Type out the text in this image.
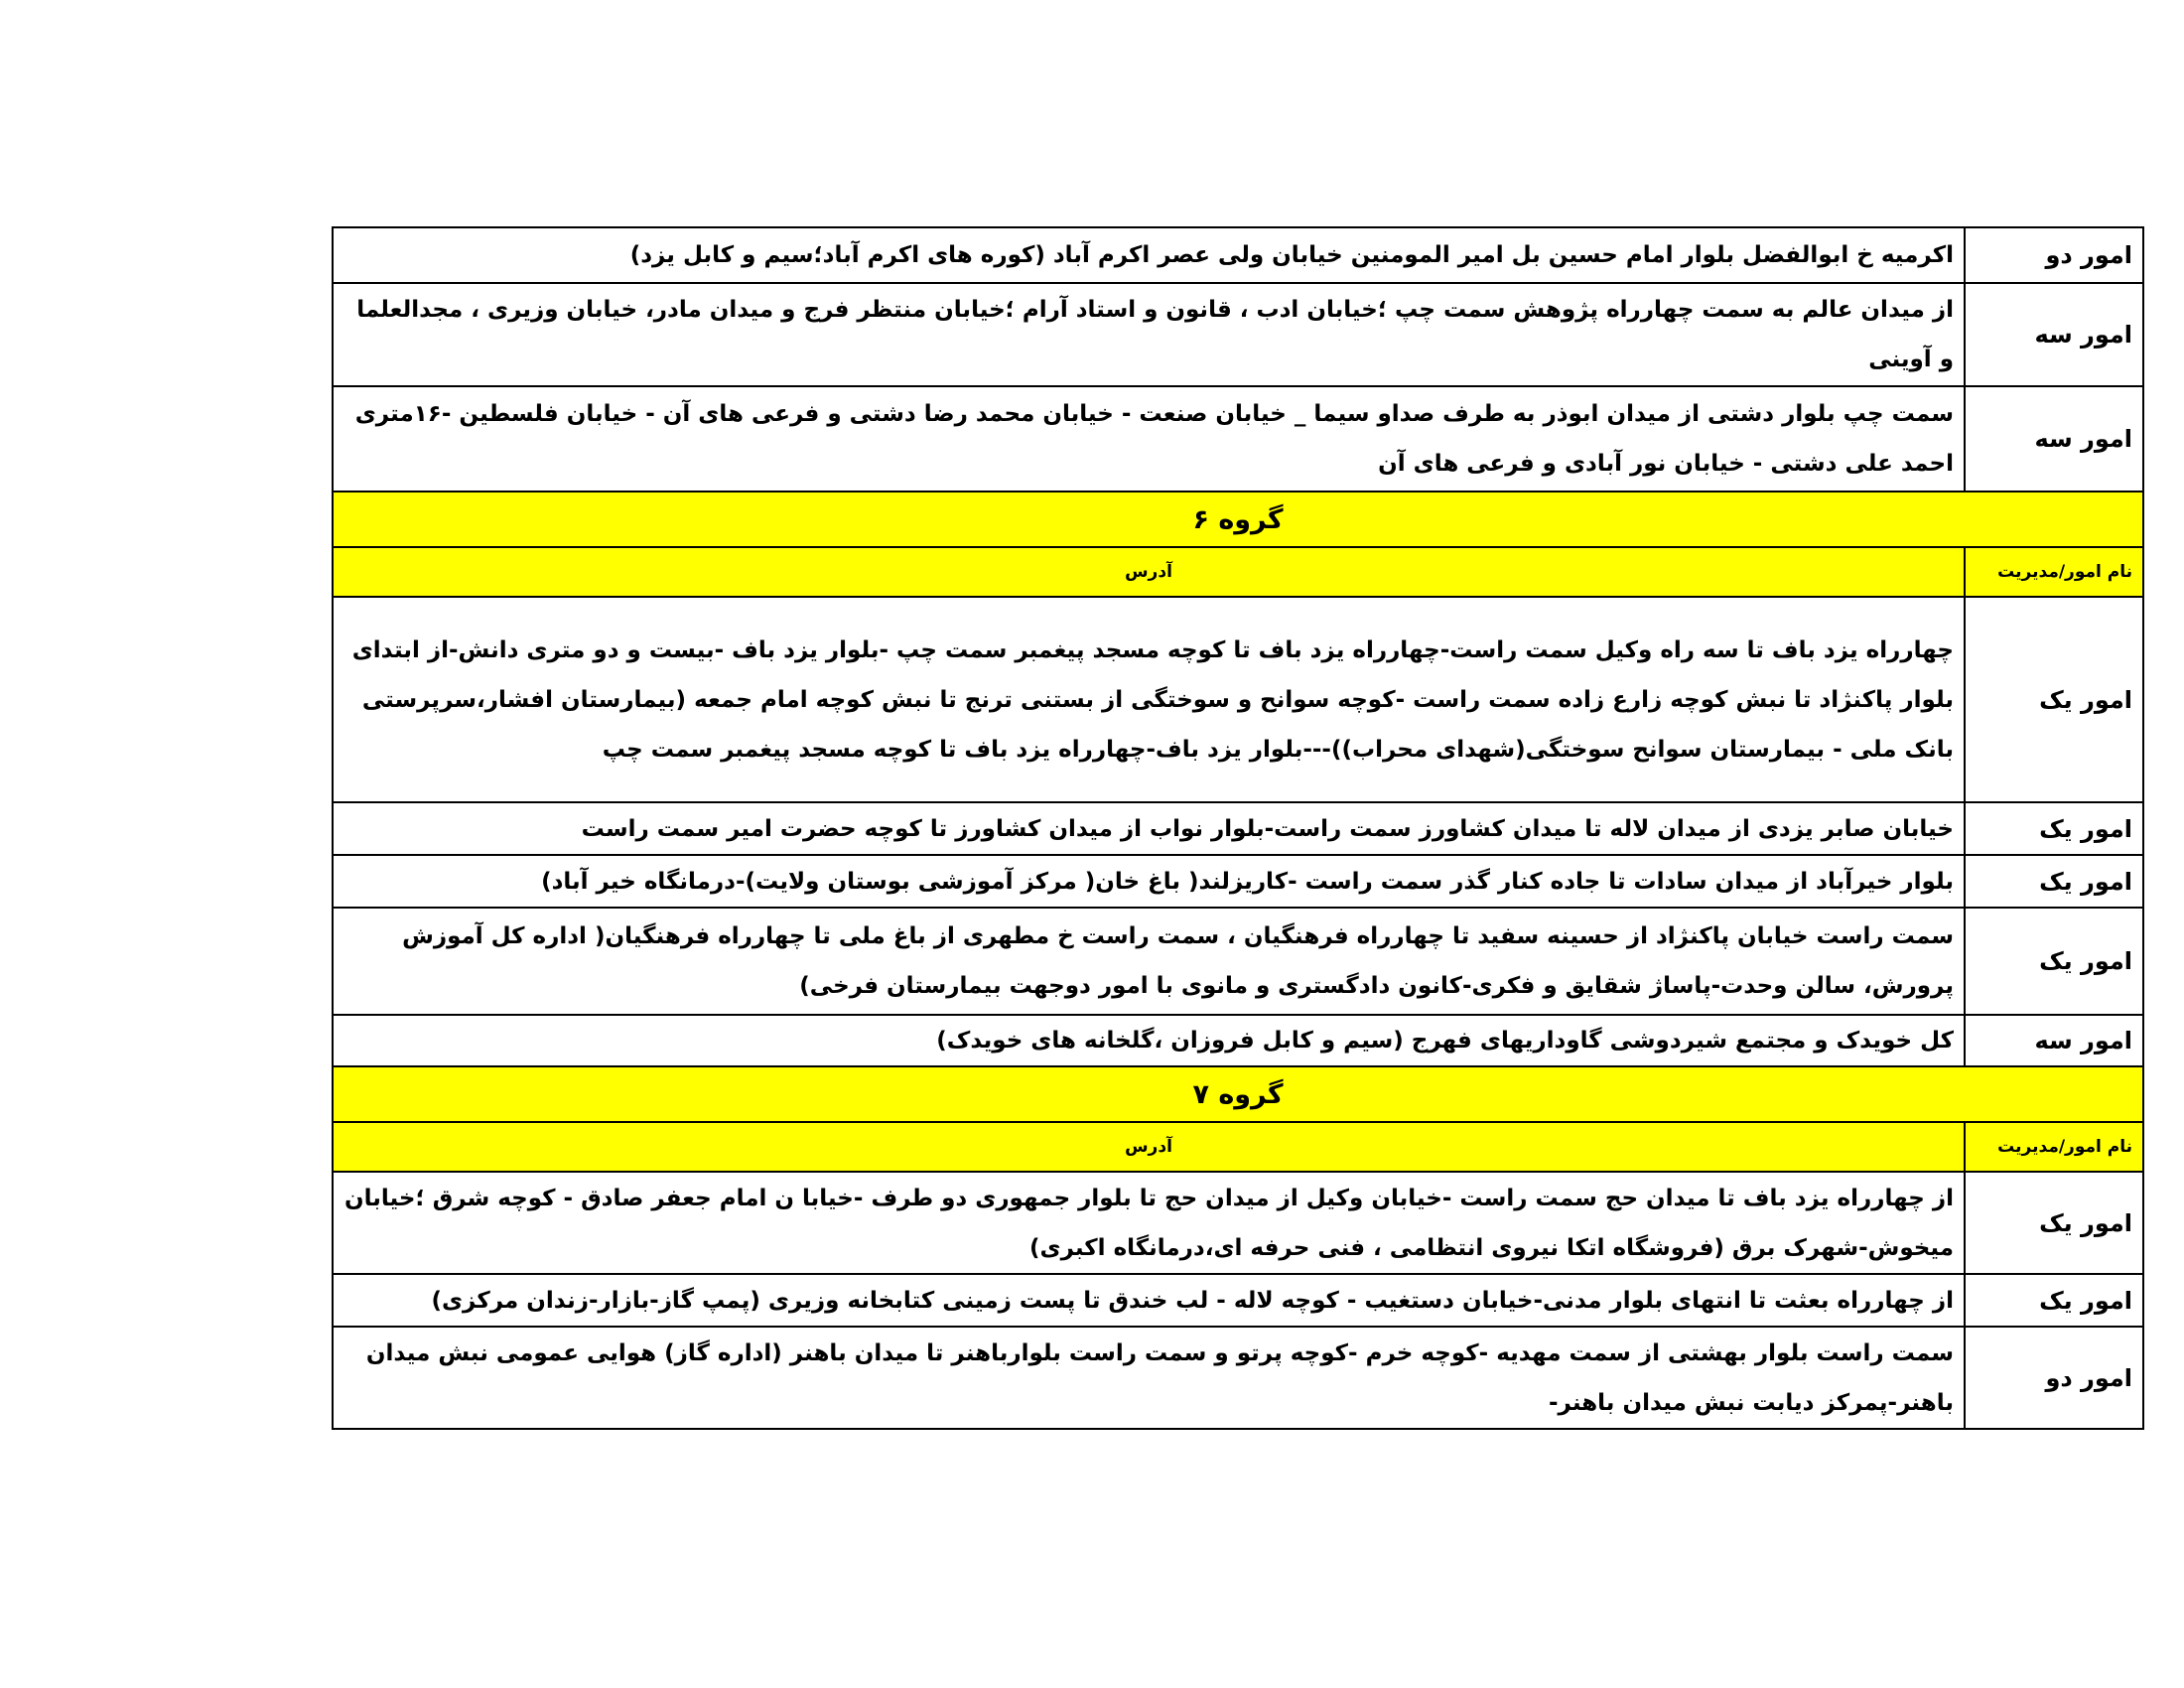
امور دو	اکرمیه خ ابوالفضل بلوار امام حسین بل امیر المومنین خیابان ولی عصر اکرم آباد (کوره های اکرم آباد؛سیم و کابل یزد)
امور سه	از میدان عالم به سمت چهارراه پژوهش سمت چپ ؛خیابان ادب ، قانون و استاد آرام ؛خیابان منتظر فرج و میدان مادر، خیابان وزیری ، مجدالعلما و آوینی
امور سه	سمت چپ بلوار دشتی از میدان ابوذر به طرف صداو سیما _ خیابان صنعت - خیابان محمد رضا دشتی و فرعی های آن - خیابان فلسطین -۱۶متری احمد علی دشتی - خیابان نور آبادی و فرعی های آن
گروه ۶	
نام امور/مدیریت	آدرس
امور یک	چهارراه یزد باف تا سه راه وکیل سمت راست-چهارراه یزد باف تا کوچه مسجد پیغمبر سمت چپ -بلوار یزد باف -بیست و دو متری دانش-از ابتدای بلوار پاکنژاد تا نبش کوچه زارع زاده سمت راست -کوچه سوانح و سوختگی از بستنی ترنج تا نبش کوچه امام جمعه (بیمارستان افشار،سرپرستی بانک ملی - بیمارستان سوانح سوختگی(شهدای محراب))---بلوار یزد باف-چهارراه یزد باف تا کوچه مسجد پیغمبر سمت چپ
امور یک	خیابان صابر یزدی از میدان لاله تا میدان کشاورز سمت راست-بلوار نواب از میدان کشاورز تا کوچه حضرت امیر سمت راست
امور یک	بلوار خیرآباد از میدان سادات تا جاده کنار گذر سمت راست -کاریزلند( باغ خان( مرکز آموزشی بوستان ولایت)-درمانگاه خیر آباد)
امور یک	سمت راست خیابان پاکنژاد از حسینه سفید تا چهارراه فرهنگیان ، سمت راست خ مطهری از باغ ملی تا چهارراه فرهنگیان( اداره کل آموزش پرورش، سالن وحدت-پاساژ شقایق و فکری-کانون دادگستری و مانوی با امور دوجهت بیمارستان فرخی)
امور سه	کل خویدک و مجتمع شیردوشی گاوداریهای فهرج (سیم و کابل فروزان ،گلخانه های خویدک)
گروه ۷	
نام امور/مدیریت	آدرس
امور یک	از چهارراه یزد باف تا میدان حج سمت راست -خیابان وکیل از میدان حج تا بلوار جمهوری دو طرف -خیابا ن امام جعفر صادق - کوچه شرق ؛خیابان میخوش-شهرک برق (فروشگاه اتکا نیروی انتظامی ، فنی حرفه ای،درمانگاه اکبری)
امور یک	از چهارراه بعثت تا انتهای بلوار مدنی-خیابان دستغیب - کوچه لاله - لب خندق تا پست زمینی کتابخانه وزیری (پمپ گاز-بازار-زندان مرکزی)
امور دو	سمت راست بلوار بهشتی از سمت مهدیه -کوچه خرم -کوچه پرتو و سمت راست بلوارباهنر تا میدان باهنر (اداره گاز) هوایی عمومی نبش میدان باهنر-پمرکز دیابت نبش میدان باهنر-
